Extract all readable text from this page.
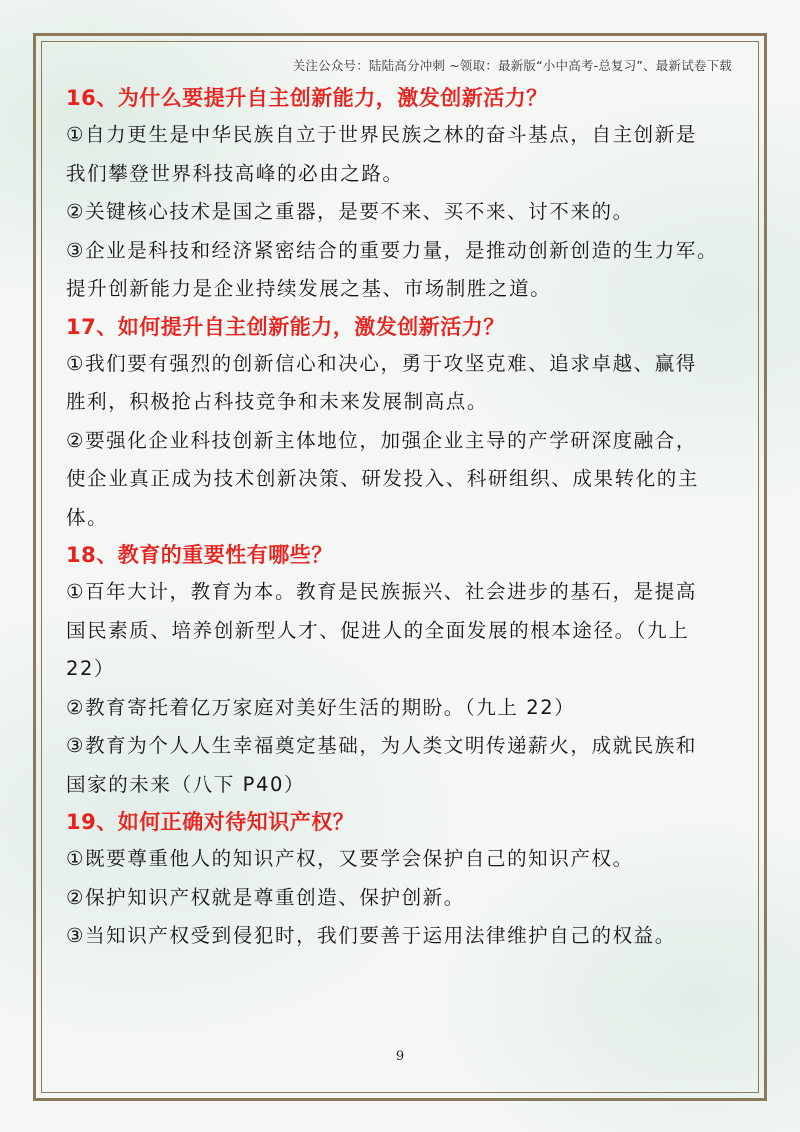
关注公众号：陆陆高分冲刺 ~领取：最新版“小中高考-总复习”、最新试卷下载

16、为什么要提升自主创新能力，激发创新活力？

①自力更生是中华民族自立于世界民族之林的奋斗基点，自主创新是

我们攀登世界科技高峰的必由之路。

②关键核心技术是国之重器，是要不来、买不来、讨不来的。

③企业是科技和经济紧密结合的重要力量，是推动创新创造的生力军。

提升创新能力是企业持续发展之基、市场制胜之道。

17、如何提升自主创新能力，激发创新活力？

①我们要有强烈的创新信心和决心，勇于攻坚克难、追求卓越、赢得

胜利，积极抢占科技竞争和未来发展制高点。

②要强化企业科技创新主体地位，加强企业主导的产学研深度融合，

使企业真正成为技术创新决策、研发投入、科研组织、成果转化的主

体。

18、教育的重要性有哪些？

①百年大计，教育为本。教育是民族振兴、社会进步的基石，是提高

国民素质、培养创新型人才、促进人的全面发展的根本途径。（九上

22）

②教育寄托着亿万家庭对美好生活的期盼。（九上 22）

③教育为个人人生幸福奠定基础，为人类文明传递薪火，成就民族和

国家的未来（八下 P40）

19、如何正确对待知识产权？

①既要尊重他人的知识产权，又要学会保护自己的知识产权。

②保护知识产权就是尊重创造、保护创新。

③当知识产权受到侵犯时，我们要善于运用法律维护自己的权益。

9
